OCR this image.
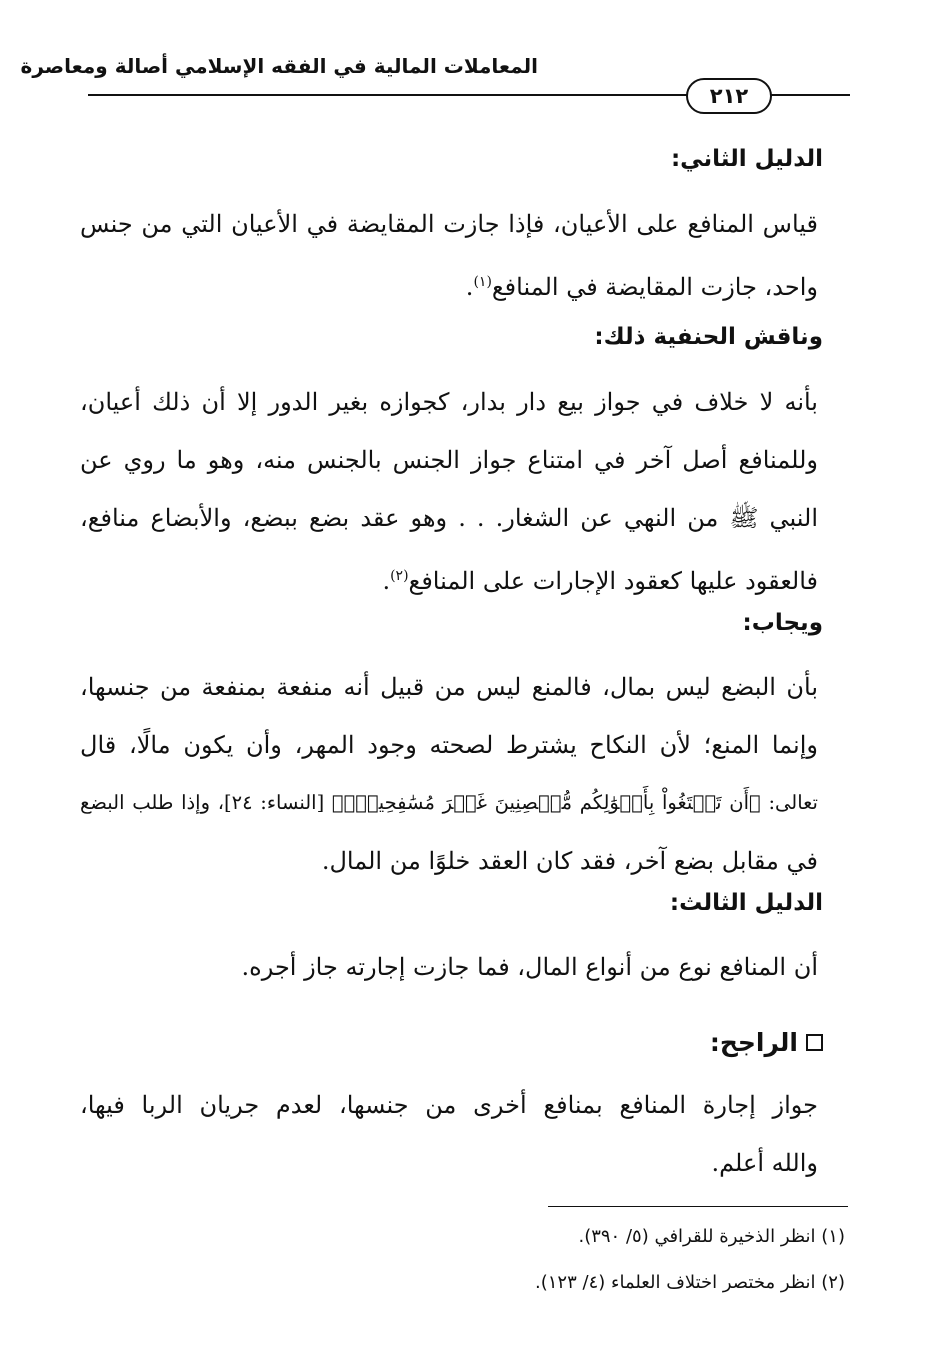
المعاملات المالية في الفقه الإسلامي أصالة ومعاصرة
٢١٢
الدليل الثاني:
قياس المنافع على الأعيان، فإذا جازت المقايضة في الأعيان التي من جنس
واحد، جازت المقايضة في المنافع$^{(١)}$.
وناقش الحنفية ذلك:
بأنه لا خلاف في جواز بيع دار بدار، كجوازه بغير الدور إلا أن ذلك أعيان،
وللمنافع أصل آخر في امتناع جواز الجنس بالجنس منه، وهو ما روي عن
النبي ﷺ من النهي عن الشغار. . . وهو عقد بضع ببضع، والأبضاع منافع،
فالعقود عليها كعقود الإجارات على المنافع$^{(٢)}$.
ويجاب:
بأن البضع ليس بمال، فالمنع ليس من قبيل أنه منفعة بمنفعة من جنسها،
وإنما المنع؛ لأن النكاح يشترط لصحته وجود المهر، وأن يكون مالًا، قال
تعالى: ﴿أَن تَبۡتَغُواْ بِأَمۡوَٰلِكُم مُّحۡصِنِينَ غَيۡرَ مُسَٰفِحِينَۚ﴾ [النساء: ٢٤]، وإذا طلب البضع
في مقابل بضع آخر، فقد كان العقد خلوًا من المال.
الدليل الثالث:
أن المنافع نوع من أنواع المال، فما جازت إجارته جاز أجره.
الراجح:
جواز إجارة المنافع بمنافع أخرى من جنسها، لعدم جريان الربا فيها،
والله أعلم.
(١) انظر الذخيرة للقرافي (٥/ ٣٩٠).
(٢) انظر مختصر اختلاف العلماء (٤/ ١٢٣).
